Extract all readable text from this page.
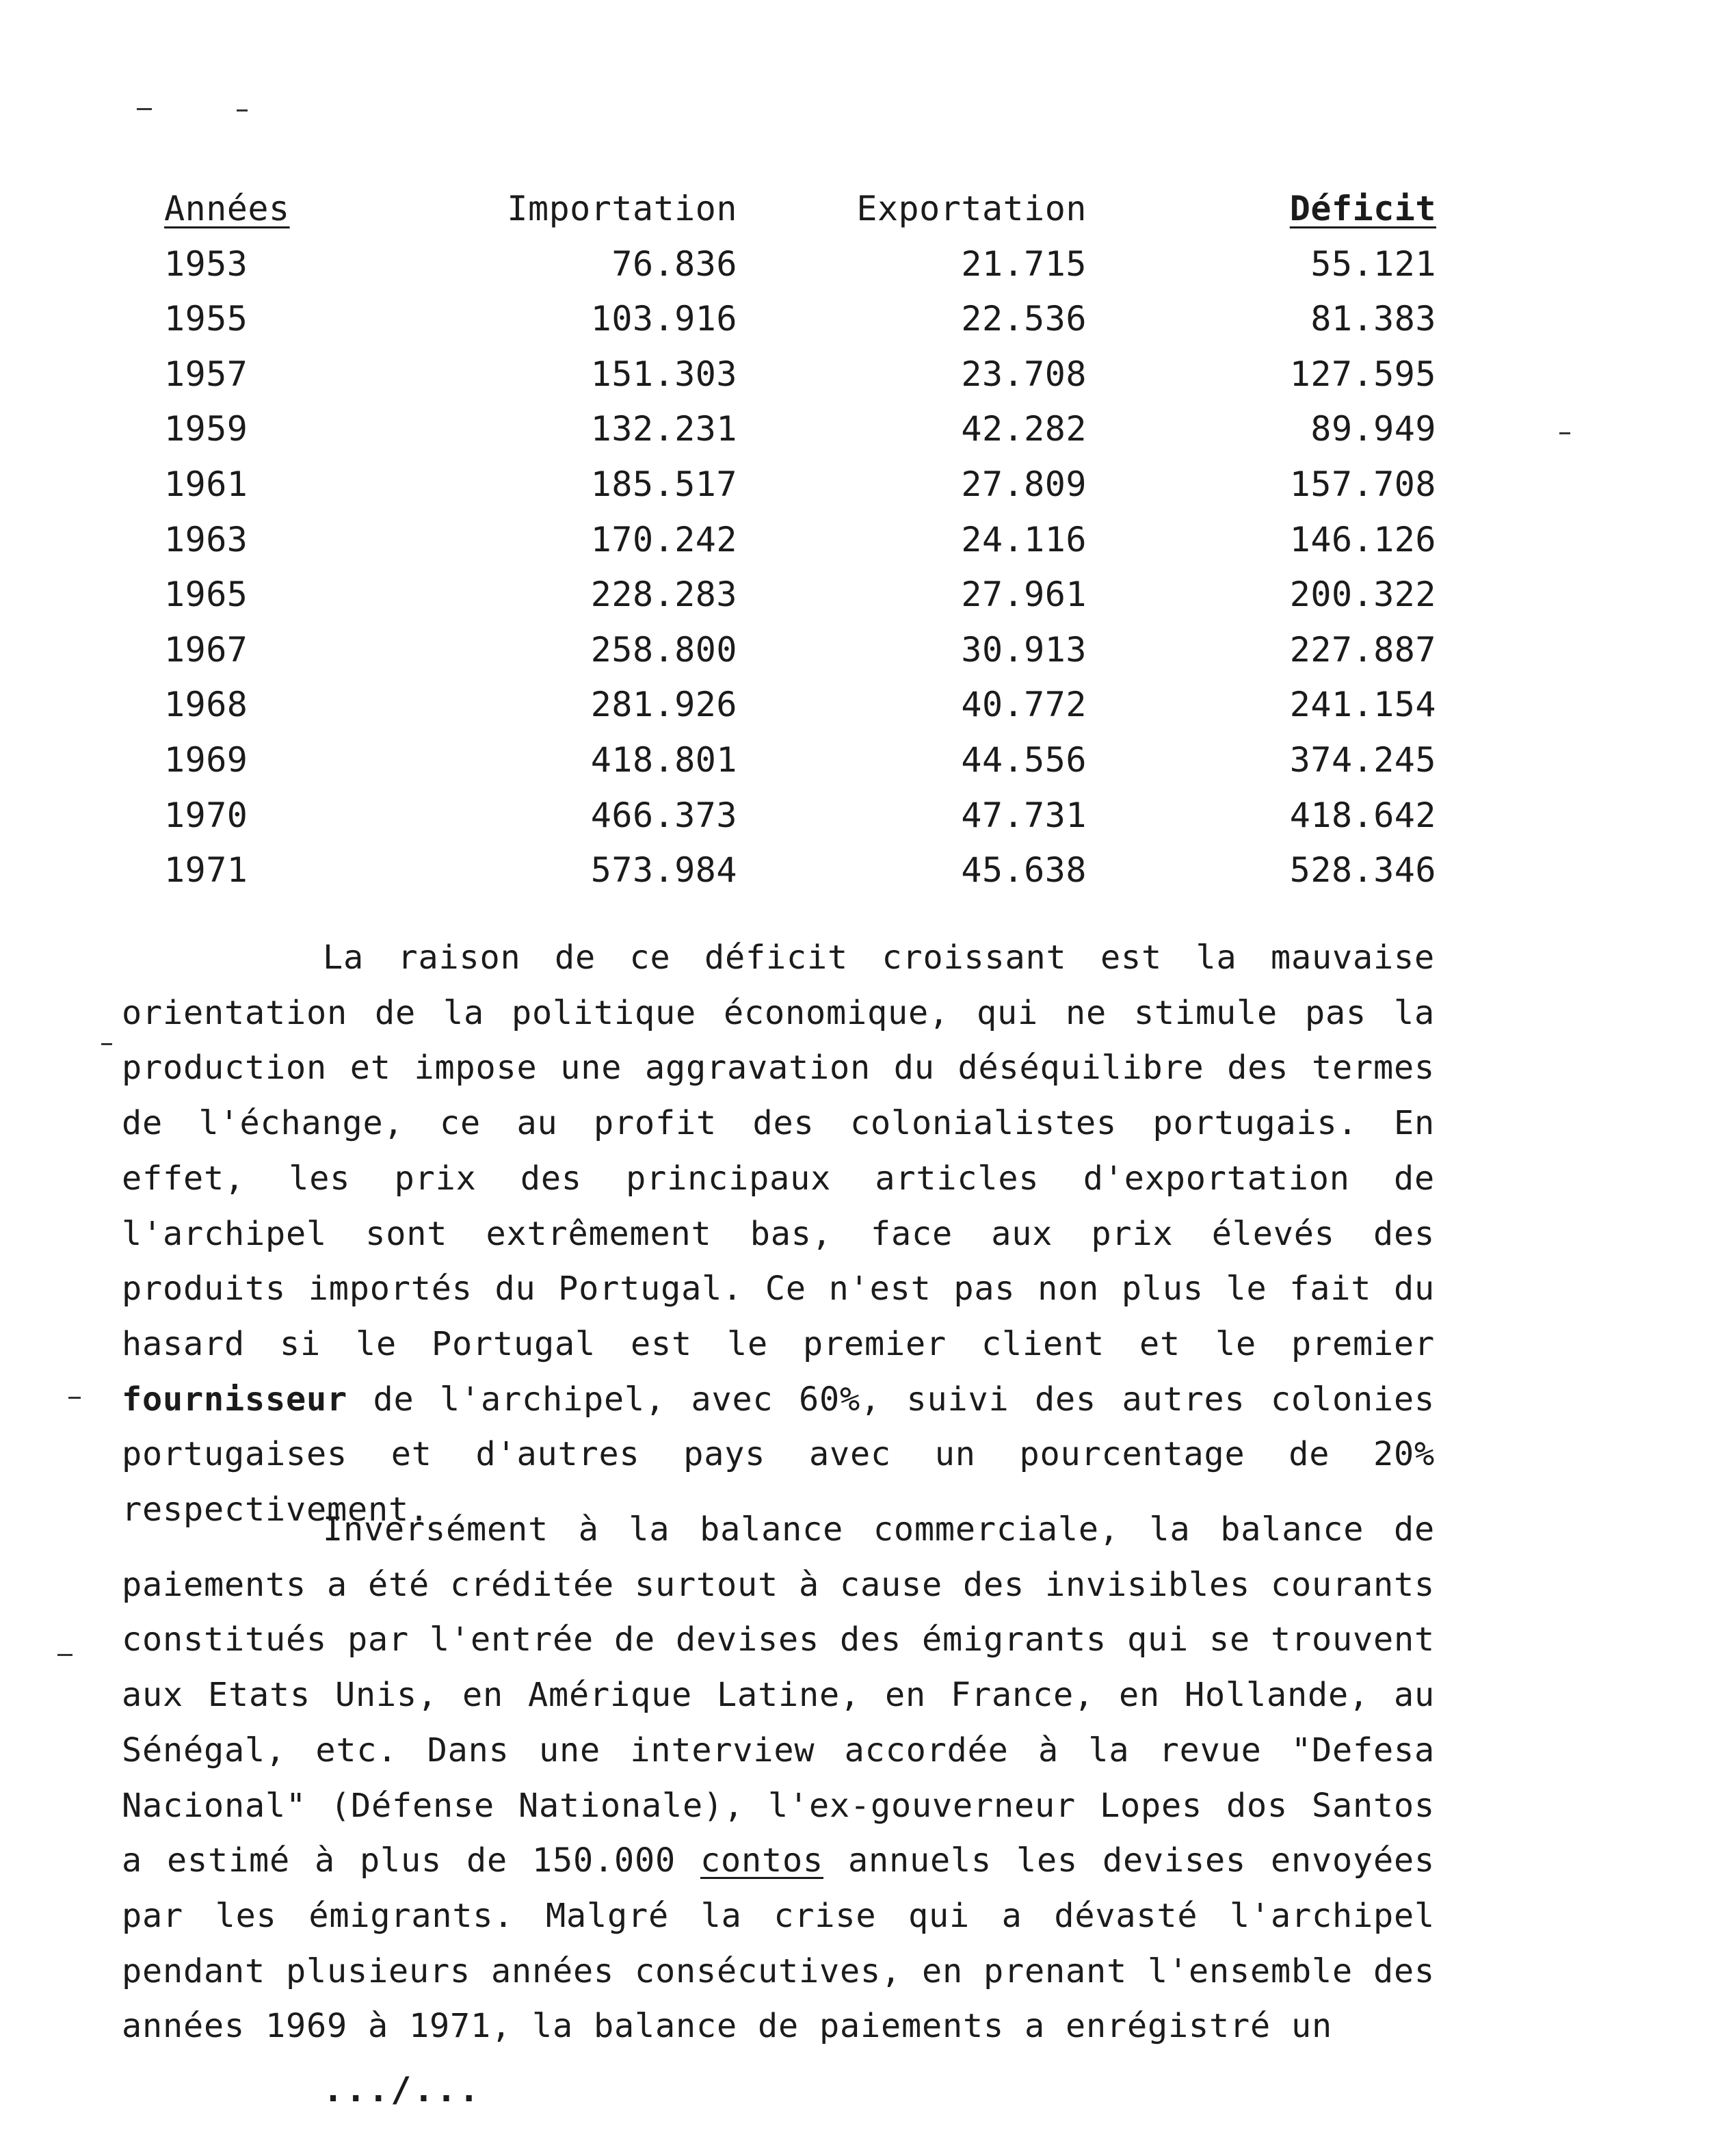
Années	Importation	Exportation	Déficit
1953	76.836	21.715	55.121
1955	103.916	22.536	81.383
1957	151.303	23.708	127.595
1959	132.231	42.282	89.949
1961	185.517	27.809	157.708
1963	170.242	24.116	146.126
1965	228.283	27.961	200.322
1967	258.800	30.913	227.887
1968	281.926	40.772	241.154
1969	418.801	44.556	374.245
1970	466.373	47.731	418.642
1971	573.984	45.638	528.346

La raison de ce déficit croissant est la mauvaise orientation de la politique économique, qui ne stimule pas la production et impose une aggravation du déséquilibre des termes de l'échange, ce au profit des colonialistes portugais. En effet, les prix des principaux articles d'exportation de l'archipel sont extrêmement bas, face aux prix élevés des produits importés du Portugal. Ce n'est pas non plus le fait du hasard si le Portugal est le premier client et le premier fournisseur de l'archipel, avec 60%, suivi des autres colonies portugaises et d'autres pays avec un pourcentage de 20% respectivement.

Inversément à la balance commerciale, la balance de paiements a été créditée surtout à cause des invisibles courants constitués par l'entrée de devises des émigrants qui se trouvent aux Etats Unis, en Amérique Latine, en France, en Hollande, au Sénégal, etc. Dans une interview accordée à la revue "Defesa Nacional" (Défense Nationale), l'ex-gouverneur Lopes dos Santos a estimé à plus de 150.000 contos annuels les devises envoyées par les émigrants. Malgré la crise qui a dévasté l'archipel pendant plusieurs années consécutives, en prenant l'ensemble des années 1969 à 1971, la balance de paiements a enrégistré un

.../...
